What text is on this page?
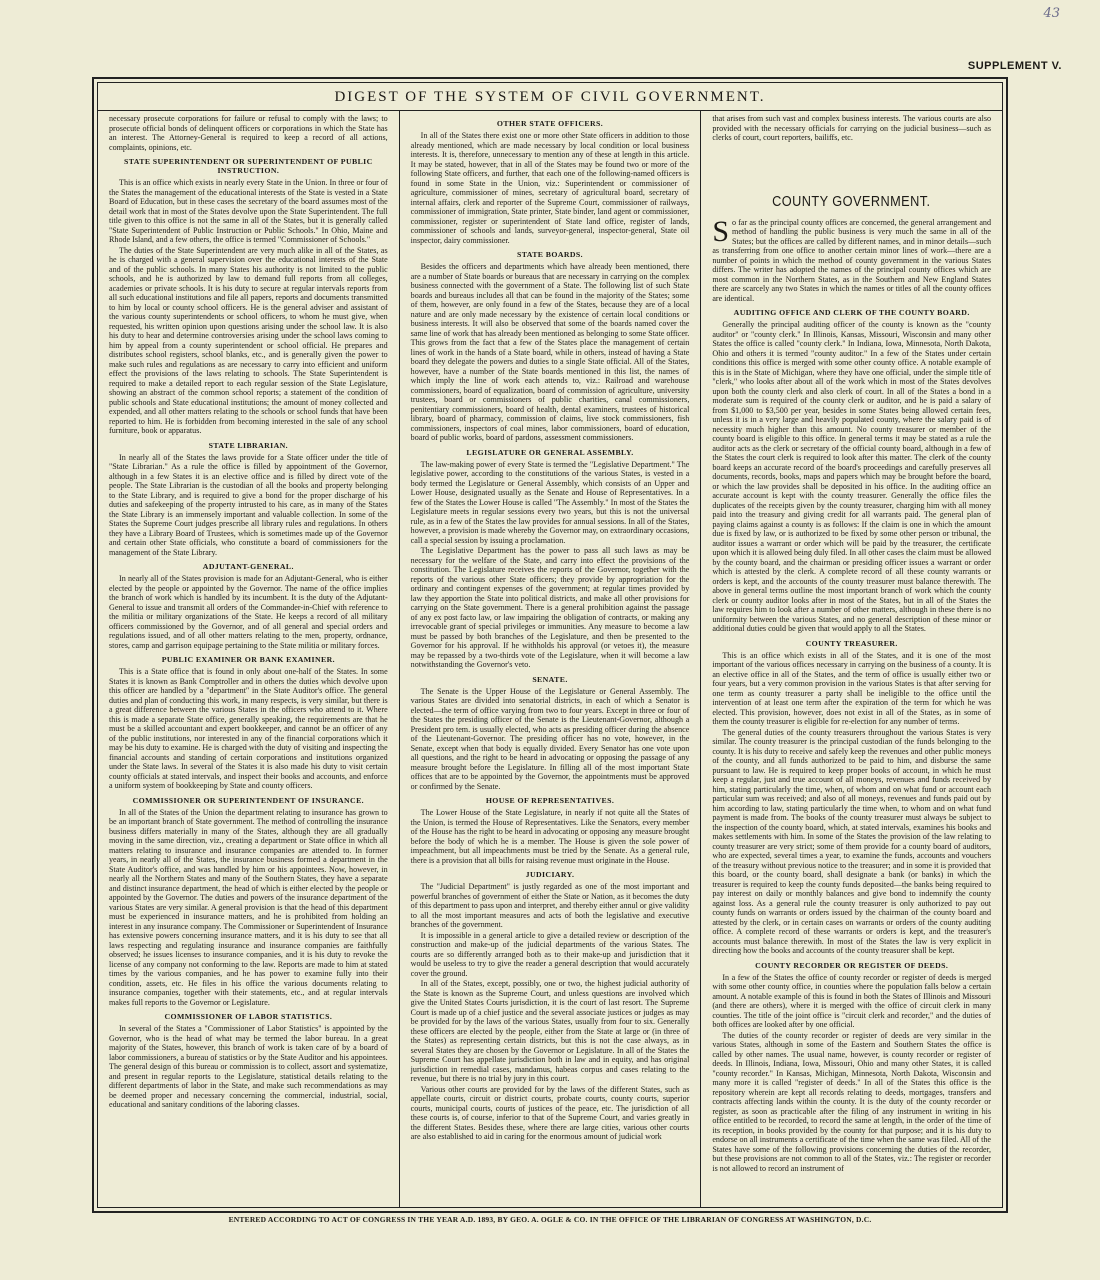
43
SUPPLEMENT V.
DIGEST OF THE SYSTEM OF CIVIL GOVERNMENT.

necessary prosecute corporations for failure or refusal to comply with the laws; to prosecute official bonds of delinquent officers or corporations in which the State has an interest. The Attorney-General is required to keep a record of all actions, complaints, opinions, etc.

STATE SUPERINTENDENT OR SUPERINTENDENT OF PUBLIC INSTRUCTION.

This is an office which exists in nearly every State in the Union. In three or four of the States the management of the educational interests of the State is vested in a State Board of Education, but in these cases the secretary of the board assumes most of the detail work that in most of the States devolve upon the State Superintendent. The full title given to this office is not the same in all of the States, but it is generally called "State Superintendent of Public Instruction or Public Schools." In Ohio, Maine and Rhode Island, and a few others, the office is termed "Commissioner of Schools."

The duties of the State Superintendent are very much alike in all of the States, as he is charged with a general supervision over the educational interests of the State and of the public schools. In many States his authority is not limited to the public schools, and he is authorized by law to demand full reports from all colleges, academies or private schools. It is his duty to secure at regular intervals reports from all such educational institutions and file all papers, reports and documents transmitted to him by local or county school officers. He is the general adviser and assistant of the various county superintendents or school officers, to whom he must give, when requested, his written opinion upon questions arising under the school law. It is also his duty to hear and determine controversies arising under the school laws coming to him by appeal from a county superintendent or school official. He prepares and distributes school registers, school blanks, etc., and is generally given the power to make such rules and regulations as are necessary to carry into efficient and uniform effect the provisions of the laws relating to schools. The State Superintendent is required to make a detailed report to each regular session of the State Legislature, showing an abstract of the common school reports; a statement of the condition of public schools and State educational institutions; the amount of money collected and expended, and all other matters relating to the schools or school funds that have been reported to him. He is forbidden from becoming interested in the sale of any school furniture, book or apparatus.

STATE LIBRARIAN.

In nearly all of the States the laws provide for a State officer under the title of "State Librarian." As a rule the office is filled by appointment of the Governor, although in a few States it is an elective office and is filled by direct vote of the people. The State Librarian is the custodian of all the books and property belonging to the State Library, and is required to give a bond for the proper discharge of his duties and safekeeping of the property intrusted to his care, as in many of the States the State Library is an immensely important and valuable collection. In some of the States the Supreme Court judges prescribe all library rules and regulations. In others they have a Library Board of Trustees, which is sometimes made up of the Governor and certain other State officials, who constitute a board of commissioners for the management of the State Library.

ADJUTANT-GENERAL.

In nearly all of the States provision is made for an Adjutant-General, who is either elected by the people or appointed by the Governor. The name of the office implies the branch of work which is handled by its incumbent. It is the duty of the Adjutant-General to issue and transmit all orders of the Commander-in-Chief with reference to the militia or military organizations of the State. He keeps a record of all military officers commissioned by the Governor, and of all general and special orders and regulations issued, and of all other matters relating to the men, property, ordnance, stores, camp and garrison equipage pertaining to the State militia or military forces.

PUBLIC EXAMINER OR BANK EXAMINER.

This is a State office that is found in only about one-half of the States. In some States it is known as Bank Comptroller and in others the duties which devolve upon this officer are handled by a "department" in the State Auditor's office. The general duties and plan of conducting this work, in many respects, is very similar, but there is a great difference between the various States in the officers who attend to it. Where this is made a separate State office, generally speaking, the requirements are that he must be a skilled accountant and expert bookkeeper, and cannot be an officer of any of the public institutions, nor interested in any of the financial corporations which it may be his duty to examine. He is charged with the duty of visiting and inspecting the financial accounts and standing of certain corporations and institutions organized under the State laws. In several of the States it is also made his duty to visit certain county officials at stated intervals, and inspect their books and accounts, and enforce a uniform system of bookkeeping by State and county officers.

COMMISSIONER OR SUPERINTENDENT OF INSURANCE.

In all of the States of the Union the department relating to insurance has grown to be an important branch of State government. The method of controlling the insurance business differs materially in many of the States, although they are all gradually moving in the same direction, viz., creating a department or State office in which all matters relating to insurance and insurance companies are attended to. In former years, in nearly all of the States, the insurance business formed a department in the State Auditor's office, and was handled by him or his appointees. Now, however, in nearly all the Northern States and many of the Southern States, they have a separate and distinct insurance department, the head of which is either elected by the people or appointed by the Governor. The duties and powers of the insurance department of the various States are very similar. A general provision is that the head of this department must be experienced in insurance matters, and he is prohibited from holding an interest in any insurance company. The Commissioner or Superintendent of Insurance has extensive powers concerning insurance matters, and it is his duty to see that all laws respecting and regulating insurance and insurance companies are faithfully observed; he issues licenses to insurance companies, and it is his duty to revoke the license of any company not conforming to the law. Reports are made to him at stated times by the various companies, and he has power to examine fully into their condition, assets, etc. He files in his office the various documents relating to insurance companies, together with their statements, etc., and at regular intervals makes full reports to the Governor or Legislature.

COMMISSIONER OF LABOR STATISTICS.

In several of the States a "Commissioner of Labor Statistics" is appointed by the Governor, who is the head of what may be termed the labor bureau. In a great majority of the States, however, this branch of work is taken care of by a board of labor commissioners, a bureau of statistics or by the State Auditor and his appointees. The general design of this bureau or commission is to collect, assort and systematize, and present in regular reports to the Legislature, statistical details relating to the different departments of labor in the State, and make such recommendations as may be deemed proper and necessary concerning the commercial, industrial, social, educational and sanitary conditions of the laboring classes.

OTHER STATE OFFICERS.

In all of the States there exist one or more other State officers in addition to those already mentioned, which are made necessary by local condition or local business interests. It is, therefore, unnecessary to mention any of these at length in this article. It may be stated, however, that in all of the States may be found two or more of the following State officers, and further, that each one of the following-named officers is found in some State in the Union, viz.: Superintendent or commissioner of agriculture, commissioner of mines, secretary of agricultural board, secretary of internal affairs, clerk and reporter of the Supreme Court, commissioner of railways, commissioner of immigration, State printer, State binder, land agent or commissioner, commissioner, register or superintendent of State land office, register of lands, commissioner of schools and lands, surveyor-general, inspector-general, State oil inspector, dairy commissioner.

STATE BOARDS.

Besides the officers and departments which have already been mentioned, there are a number of State boards or bureaus that are necessary in carrying on the complex business connected with the government of a State. The following list of such State boards and bureaus includes all that can be found in the majority of the States; some of them, however, are only found in a few of the States, because they are of a local nature and are only made necessary by the existence of certain local conditions or business interests. It will also be observed that some of the boards named cover the same line of work that has already been mentioned as belonging to some State officer. This grows from the fact that a few of the States place the management of certain lines of work in the hands of a State board, while in others, instead of having a State board they delegate the powers and duties to a single State official. All of the States, however, have a number of the State boards mentioned in this list, the names of which imply the line of work each attends to, viz.: Railroad and warehouse commissioners, board of equalization, board of commission of agriculture, university trustees, board or commissioners of public charities, canal commissioners, penitentiary commissioners, board of health, dental examiners, trustees of historical library, board of pharmacy, commission of claims, live stock commissioners, fish commissioners, inspectors of coal mines, labor commissioners, board of education, board of public works, board of pardons, assessment commissioners.

LEGISLATURE OR GENERAL ASSEMBLY.

The law-making power of every State is termed the "Legislative Department." The legislative power, according to the constitutions of the various States, is vested in a body termed the Legislature or General Assembly, which consists of an Upper and Lower House, designated usually as the Senate and House of Representatives. In a few of the States the Lower House is called "The Assembly." In most of the States the Legislature meets in regular sessions every two years, but this is not the universal rule, as in a few of the States the law provides for annual sessions. In all of the States, however, a provision is made whereby the Governor may, on extraordinary occasions, call a special session by issuing a proclamation.

The Legislative Department has the power to pass all such laws as may be necessary for the welfare of the State, and carry into effect the provisions of the constitution. The Legislature receives the reports of the Governor, together with the reports of the various other State officers; they provide by appropriation for the ordinary and contingent expenses of the government; at regular times provided by law they apportion the State into political districts, and make all other provisions for carrying on the State government. There is a general prohibition against the passage of any ex post facto law, or law impairing the obligation of contracts, or making any irrevocable grant of special privileges or immunities. Any measure to become a law must be passed by both branches of the Legislature, and then be presented to the Governor for his approval. If he withholds his approval (or vetoes it), the measure may be repassed by a two-thirds vote of the Legislature, when it will become a law notwithstanding the Governor's veto.

SENATE.

The Senate is the Upper House of the Legislature or General Assembly. The various States are divided into senatorial districts, in each of which a Senator is elected—the term of office varying from two to four years. Except in three or four of the States the presiding officer of the Senate is the Lieutenant-Governor, although a President pro tem. is usually elected, who acts as presiding officer during the absence of the Lieutenant-Governor. The presiding officer has no vote, however, in the Senate, except when that body is equally divided. Every Senator has one vote upon all questions, and the right to be heard in advocating or opposing the passage of any measure brought before the Legislature. In filling all of the most important State offices that are to be appointed by the Governor, the appointments must be approved or confirmed by the Senate.

HOUSE OF REPRESENTATIVES.

The Lower House of the State Legislature, in nearly if not quite all the States of the Union, is termed the House of Representatives. Like the Senators, every member of the House has the right to be heard in advocating or opposing any measure brought before the body of which he is a member. The House is given the sole power of impeachment, but all impeachments must be tried by the Senate. As a general rule, there is a provision that all bills for raising revenue must originate in the House.

JUDICIARY.

The "Judicial Department" is justly regarded as one of the most important and powerful branches of government of either the State or Nation, as it becomes the duty of this department to pass upon and interpret, and thereby either annul or give validity to all the most important measures and acts of both the legislative and executive branches of the government.

It is impossible in a general article to give a detailed review or description of the construction and make-up of the judicial departments of the various States. The courts are so differently arranged both as to their make-up and jurisdiction that it would be useless to try to give the reader a general description that would accurately cover the ground.

In all of the States, except, possibly, one or two, the highest judicial authority of the State is known as the Supreme Court, and unless questions are involved which give the United States Courts jurisdiction, it is the court of last resort. The Supreme Court is made up of a chief justice and the several associate justices or judges as may be provided for by the laws of the various States, usually from four to six. Generally these officers are elected by the people, either from the State at large or (in three of the States) as representing certain districts, but this is not the case always, as in several States they are chosen by the Governor or Legislature. In all of the States the Supreme Court has appellate jurisdiction both in law and in equity, and has original jurisdiction in remedial cases, mandamus, habeas corpus and cases relating to the revenue, but there is no trial by jury in this court.

Various other courts are provided for by the laws of the different States, such as appellate courts, circuit or district courts, probate courts, county courts, superior courts, municipal courts, courts of justices of the peace, etc. The jurisdiction of all these courts is, of course, inferior to that of the Supreme Court, and varies greatly in the different States. Besides these, where there are large cities, various other courts are also established to aid in caring for the enormous amount of judicial work

that arises from such vast and complex business interests. The various courts are also provided with the necessary officials for carrying on the judicial business—such as clerks of court, court reporters, bailiffs, etc.

COUNTY GOVERNMENT.

So far as the principal county offices are concerned, the general arrangement and method of handling the public business is very much the same in all of the States; but the offices are called by different names, and in minor details—such as transferring from one office to another certain minor lines of work—there are a number of points in which the method of county government in the various States differs. The writer has adopted the names of the principal county offices which are most common in the Northern States, as in the Southern and New England States there are scarcely any two States in which the names or titles of all the county offices are identical.

AUDITING OFFICE AND CLERK OF THE COUNTY BOARD.

Generally the principal auditing officer of the county is known as the "county auditor" or "county clerk." In Illinois, Kansas, Missouri, Wisconsin and many other States the office is called "county clerk." In Indiana, Iowa, Minnesota, North Dakota, Ohio and others it is termed "county auditor." In a few of the States under certain conditions this office is merged with some other county office. A notable example of this is in the State of Michigan, where they have one official, under the simple title of "clerk," who looks after about all of the work which in most of the States devolves upon both the county clerk and also clerk of court. In all of the States a bond in a moderate sum is required of the county clerk or auditor, and he is paid a salary of from $1,000 to $3,500 per year, besides in some States being allowed certain fees, unless it is in a very large and heavily populated county, where the salary paid is of necessity much higher than this amount. No county treasurer or member of the county board is eligible to this office. In general terms it may be stated as a rule the auditor acts as the clerk or secretary of the official county board, although in a few of the States the court clerk is required to look after this matter. The clerk of the county board keeps an accurate record of the board's proceedings and carefully preserves all documents, records, books, maps and papers which may be brought before the board, or which the law provides shall be deposited in his office. In the auditing office an accurate account is kept with the county treasurer. Generally the office files the duplicates of the receipts given by the county treasurer, charging him with all money paid into the treasury and giving credit for all warrants paid. The general plan of paying claims against a county is as follows: If the claim is one in which the amount due is fixed by law, or is authorized to be fixed by some other person or tribunal, the auditor issues a warrant or order which will be paid by the treasurer, the certificate upon which it is allowed being duly filed. In all other cases the claim must be allowed by the county board, and the chairman or presiding officer issues a warrant or order which is attested by the clerk. A complete record of all these county warrants or orders is kept, and the accounts of the county treasurer must balance therewith. The above in general terms outline the most important branch of work which the county clerk or county auditor looks after in most of the States, but in all of the States the law requires him to look after a number of other matters, although in these there is no uniformity between the various States, and no general description of these minor or additional duties could be given that would apply to all the States.

COUNTY TREASURER.

This is an office which exists in all of the States, and it is one of the most important of the various offices necessary in carrying on the business of a county. It is an elective office in all of the States, and the term of office is usually either two or four years, but a very common provision in the various States is that after serving for one term as county treasurer a party shall be ineligible to the office until the intervention of at least one term after the expiration of the term for which he was elected. This provision, however, does not exist in all of the States, as in some of them the county treasurer is eligible for re-election for any number of terms.

The general duties of the county treasurers throughout the various States is very similar. The county treasurer is the principal custodian of the funds belonging to the county. It is his duty to receive and safely keep the revenues and other public moneys of the county, and all funds authorized to be paid to him, and disburse the same pursuant to law. He is required to keep proper books of account, in which he must keep a regular, just and true account of all moneys, revenues and funds received by him, stating particularly the time, when, of whom and on what fund or account each particular sum was received; and also of all moneys, revenues and funds paid out by him according to law, stating particularly the time when, to whom and on what fund payment is made from. The books of the county treasurer must always be subject to the inspection of the county board, which, at stated intervals, examines his books and makes settlements with him. In some of the States the provision of the law relating to county treasurer are very strict; some of them provide for a county board of auditors, who are expected, several times a year, to examine the funds, accounts and vouchers of the treasury without previous notice to the treasurer; and in some it is provided that this board, or the county board, shall designate a bank (or banks) in which the treasurer is required to keep the county funds deposited—the banks being required to pay interest on daily or monthly balances and give bond to indemnify the county against loss. As a general rule the county treasurer is only authorized to pay out county funds on warrants or orders issued by the chairman of the county board and attested by the clerk, or in certain cases on warrants or orders of the county auditing office. A complete record of these warrants or orders is kept, and the treasurer's accounts must balance therewith. In most of the States the law is very explicit in directing how the books and accounts of the county treasurer shall be kept.

COUNTY RECORDER OR REGISTER OF DEEDS.

In a few of the States the office of county recorder or register of deeds is merged with some other county office, in counties where the population falls below a certain amount. A notable example of this is found in both the States of Illinois and Missouri (and there are others), where it is merged with the office of circuit clerk in many counties. The title of the joint office is "circuit clerk and recorder," and the duties of both offices are looked after by one official.

The duties of the county recorder or register of deeds are very similar in the various States, although in some of the Eastern and Southern States the office is called by other names. The usual name, however, is county recorder or register of deeds. In Illinois, Indiana, Iowa, Missouri, Ohio and many other States, it is called "county recorder." In Kansas, Michigan, Minnesota, North Dakota, Wisconsin and many more it is called "register of deeds." In all of the States this office is the repository wherein are kept all records relating to deeds, mortgages, transfers and contracts affecting lands within the county. It is the duty of the county recorder or register, as soon as practicable after the filing of any instrument in writing in his office entitled to be recorded, to record the same at length, in the order of the time of its reception, in books provided by the county for that purpose; and it is his duty to endorse on all instruments a certificate of the time when the same was filed. All of the States have some of the following provisions concerning the duties of the recorder, but these provisions are not common to all of the States, viz.: The register or recorder is not allowed to record an instrument of

ENTERED ACCORDING TO ACT OF CONGRESS IN THE YEAR A.D. 1893, BY GEO. A. OGLE & CO. IN THE OFFICE OF THE LIBRARIAN OF CONGRESS AT WASHINGTON, D.C.
